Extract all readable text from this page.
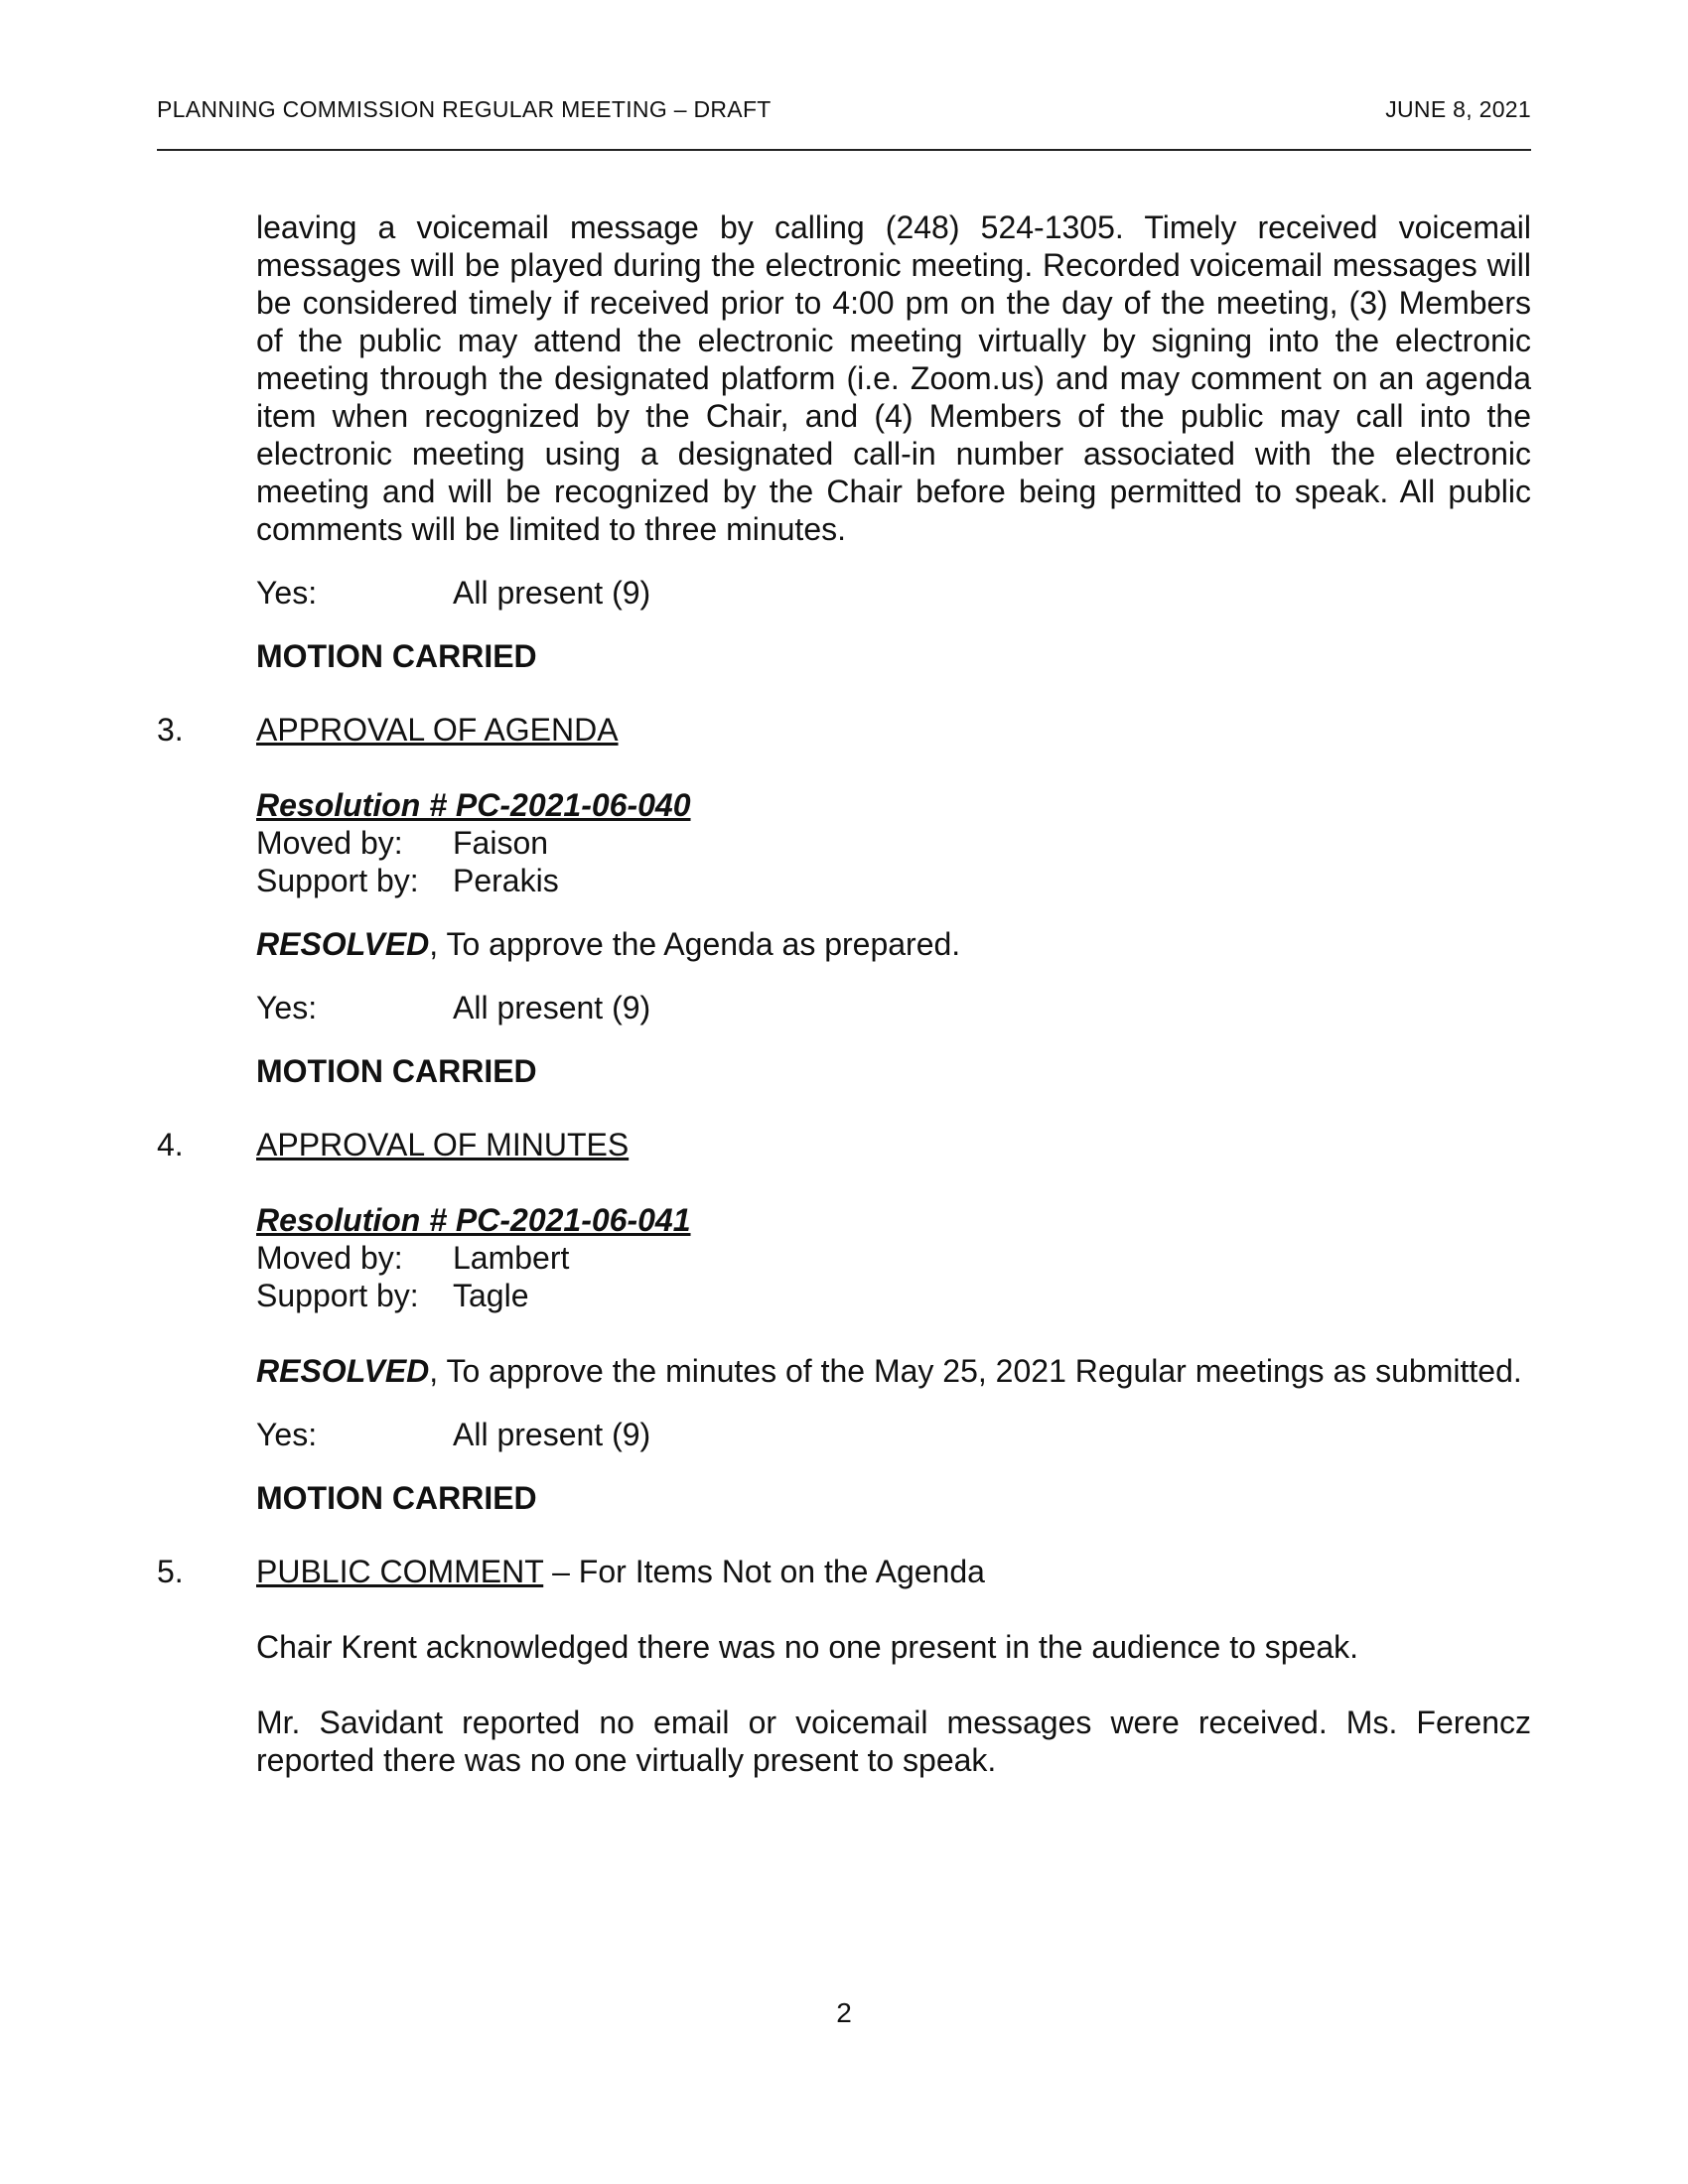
PLANNING COMMISSION REGULAR MEETING – DRAFT	JUNE 8, 2021

leaving a voicemail message by calling (248) 524-1305. Timely received voicemail messages will be played during the electronic meeting. Recorded voicemail messages will be considered timely if received prior to 4:00 pm on the day of the meeting, (3) Members of the public may attend the electronic meeting virtually by signing into the electronic meeting through the designated platform (i.e. Zoom.us) and may comment on an agenda item when recognized by the Chair, and (4) Members of the public may call into the electronic meeting using a designated call-in number associated with the electronic meeting and will be recognized by the Chair before being permitted to speak. All public comments will be limited to three minutes.

Yes:	All present (9)
MOTION CARRIED
3.	APPROVAL OF AGENDA
Resolution # PC-2021-06-040
Moved by:	Faison
Support by:	Perakis
RESOLVED, To approve the Agenda as prepared.
Yes:	All present (9)
MOTION CARRIED
4.	APPROVAL OF MINUTES
Resolution # PC-2021-06-041
Moved by:	Lambert
Support by:	Tagle
RESOLVED, To approve the minutes of the May 25, 2021 Regular meetings as submitted.
Yes:	All present (9)
MOTION CARRIED
5.	PUBLIC COMMENT – For Items Not on the Agenda

Chair Krent acknowledged there was no one present in the audience to speak.

Mr. Savidant reported no email or voicemail messages were received. Ms. Ferencz reported there was no one virtually present to speak.

2
